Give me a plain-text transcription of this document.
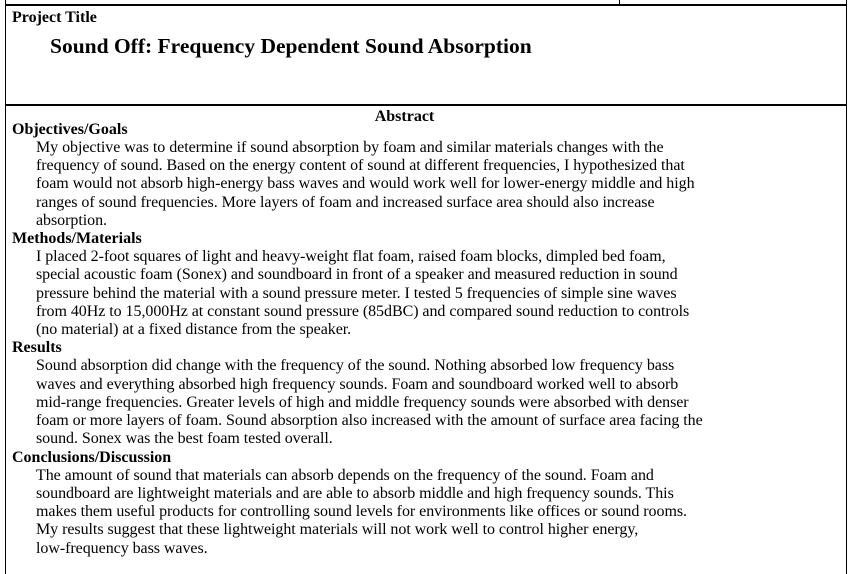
Project Title
Sound Off: Frequency Dependent Sound Absorption
Abstract
Objectives/Goals
My objective was to determine if sound absorption by foam and similar materials changes with the
frequency of sound. Based on the energy content of sound at different frequencies, I hypothesized that
foam would not absorb high-energy bass waves and would work well for lower-energy middle and high
ranges of sound frequencies. More layers of foam and increased surface area should also increase
absorption.
Methods/Materials
I placed 2-foot squares of light and heavy-weight flat foam, raised foam blocks, dimpled bed foam,
special acoustic foam (Sonex) and soundboard in front of a speaker and measured reduction in sound
pressure behind the material with a sound pressure meter. I tested 5 frequencies of simple sine waves
from 40Hz to 15,000Hz at constant sound pressure (85dBC) and compared sound reduction to controls
(no material) at a fixed distance from the speaker.
Results
Sound absorption did change with the frequency of the sound. Nothing absorbed low frequency bass
waves and everything absorbed high frequency sounds. Foam and soundboard worked well to absorb
mid-range frequencies. Greater levels of high and middle frequency sounds were absorbed with denser
foam or more layers of foam. Sound absorption also increased with the amount of surface area facing the
sound. Sonex was the best foam tested overall.
Conclusions/Discussion
The amount of sound that materials can absorb depends on the frequency of the sound. Foam and
soundboard are lightweight materials and are able to absorb middle and high frequency sounds. This
makes them useful products for controlling sound levels for environments like offices or sound rooms.
My results suggest that these lightweight materials will not work well to control higher energy,
low-frequency bass waves.
